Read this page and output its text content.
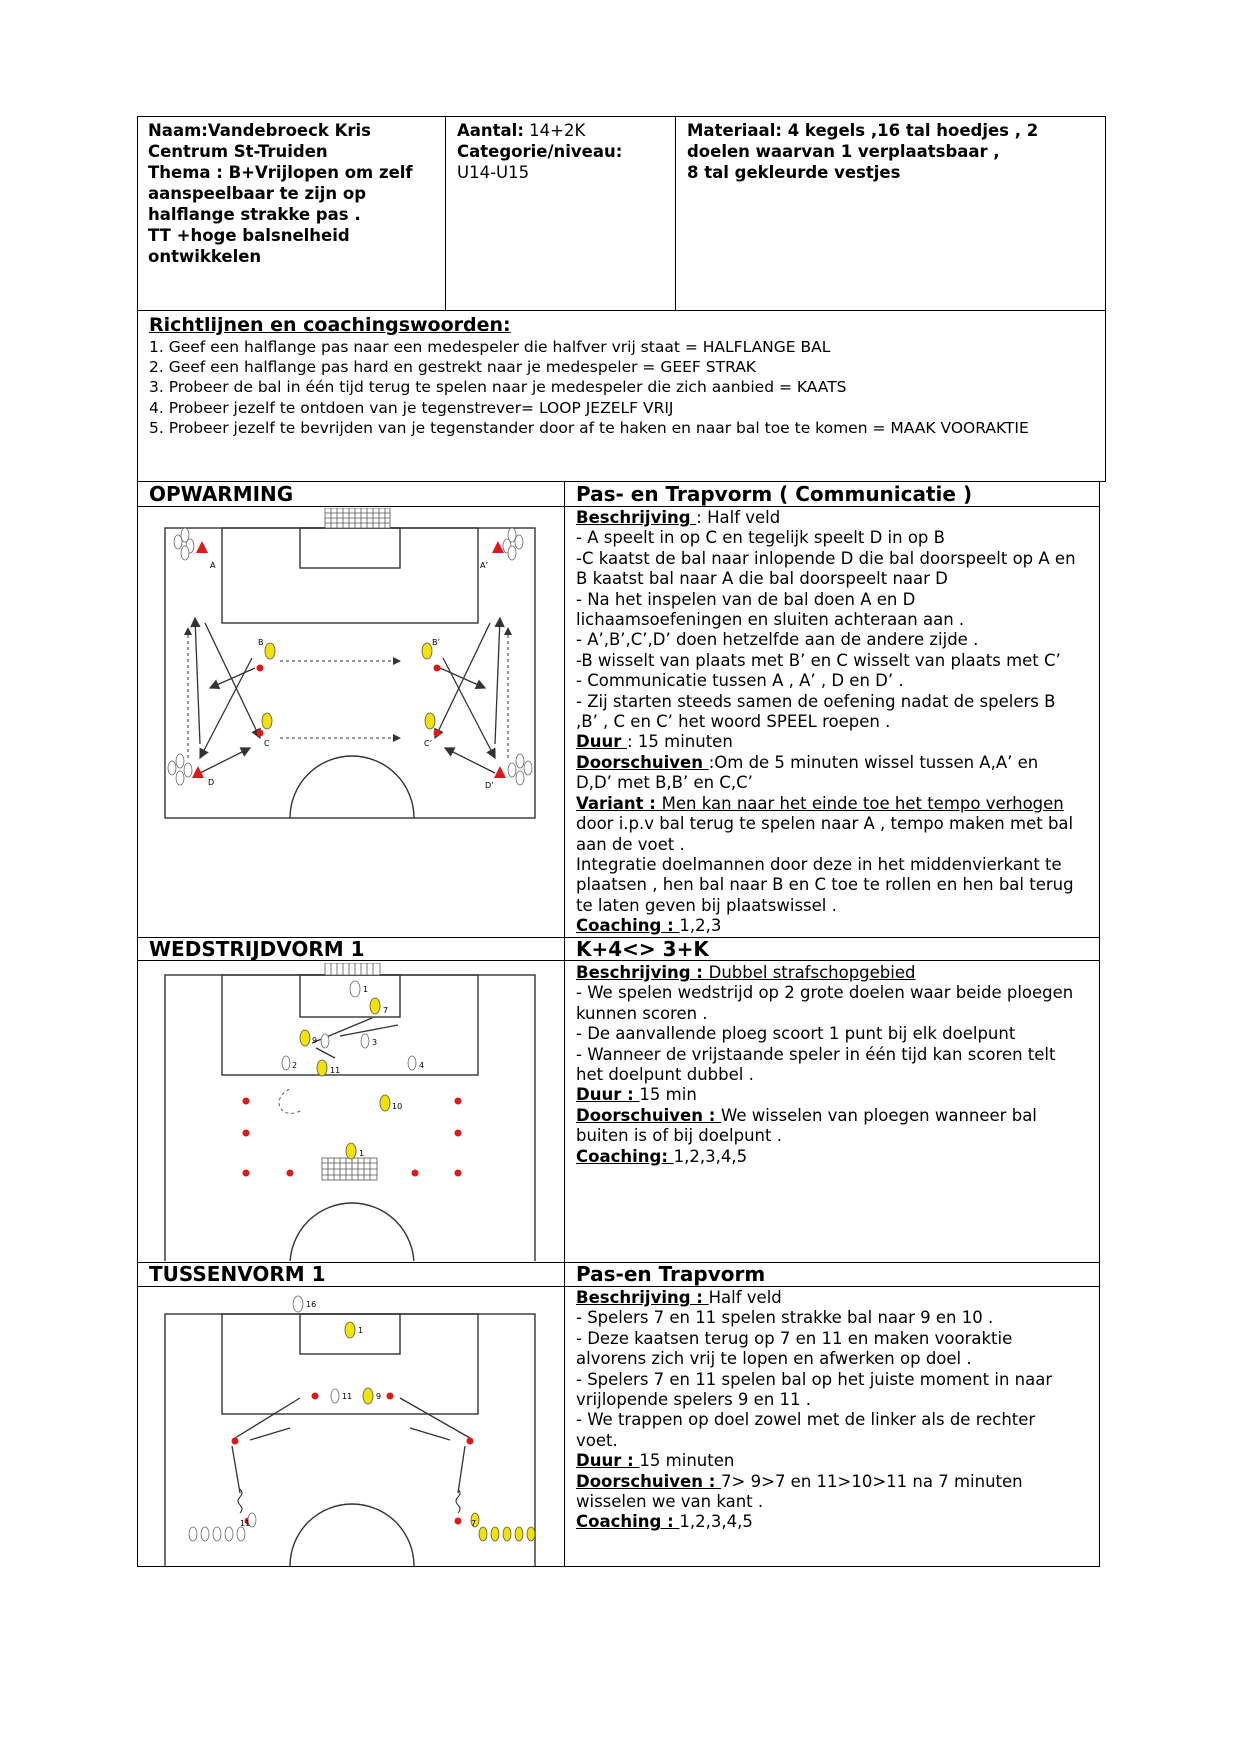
Naam:Vandebroeck Kris
Centrum St-Truiden
Thema : B+Vrijlopen om zelf
aanspeelbaar te zijn op
halflange strakke pas .
TT +hoge balsnelheid
ontwikkelen
Aantal: 14+2K
Categorie/niveau:
U14-U15
Materiaal: 4 kegels ,16 tal hoedjes , 2
doelen waarvan 1 verplaatsbaar ,
8 tal gekleurde vestjes
Richtlijnen en coachingswoorden:
1. Geef een halflange pas naar een medespeler die halfver vrij staat = HALFLANGE BAL
2. Geef een halflange pas hard en gestrekt naar je medespeler = GEEF STRAK
3. Probeer de bal in één tijd terug te spelen naar je medespeler die zich aanbied = KAATS
4. Probeer jezelf te ontdoen van je tegenstrever= LOOP JEZELF VRIJ
5. Probeer jezelf te bevrijden van je tegenstander door af te haken en naar bal toe te komen = MAAK VOORAKTIE
OPWARMING	Pas- en Trapvorm ( Communicatie )
WEDSTRIJDVORM 1	K+4<> 3+K
TUSSENVORM 1	Pas-en Trapvorm
Beschrijving : Half veld
- A speelt in op C en tegelijk speelt D in op B
-C kaatst de bal naar inlopende D die bal doorspeelt op A en
B kaatst bal naar A die bal doorspeelt naar D
- Na het inspelen van de bal doen A en D
lichaamsoefeningen en sluiten achteraan aan .
- A’,B’,C’,D’ doen hetzelfde aan de andere zijde .
-B wisselt van plaats met B’ en C wisselt van plaats met C’
- Communicatie tussen A , A’ , D en D’ .
- Zij starten steeds samen de oefening nadat de spelers B
,B’ , C en C’ het woord SPEEL roepen .
Duur : 15 minuten
Doorschuiven :Om de 5 minuten wissel tussen A,A’ en
D,D’ met B,B’ en C,C’
Variant : Men kan naar het einde toe het tempo verhogen
door i.p.v bal terug te spelen naar A , tempo maken met bal
aan de voet .
Integratie doelmannen door deze in het middenvierkant te
plaatsen , hen bal naar B en C toe te rollen en hen bal terug
te laten geven bij plaatswissel .
Coaching : 1,2,3
Beschrijving : Dubbel strafschopgebied
- We spelen wedstrijd op 2 grote doelen waar beide ploegen
kunnen scoren .
- De aanvallende ploeg scoort 1 punt bij elk doelpunt
- Wanneer de vrijstaande speler in één tijd kan scoren telt
het doelpunt dubbel .
Duur : 15 min
Doorschuiven : We wisselen van ploegen wanneer bal
buiten is of bij doelpunt .
Coaching: 1,2,3,4,5
Beschrijving : Half veld
- Spelers 7 en 11 spelen strakke bal naar 9 en 10 .
- Deze kaatsen terug op 7 en 11 en maken vooraktie
alvorens zich vrij te lopen en afwerken op doel .
- Spelers 7 en 11 spelen bal op het juiste moment in naar
vrijlopende spelers 9 en 11 .
- We trappen op doel zowel met de linker als de rechter
voet.
Duur : 15 minuten
Doorschuiven : 7> 9>7 en 11>10>11 na 7 minuten
wisselen we van kant .
Coaching : 1,2,3,4,5
A	A’
B	B’
C	C’
D	D’
1
7
9	3
2	4
11
10
1
16
1
11	9
11	7
